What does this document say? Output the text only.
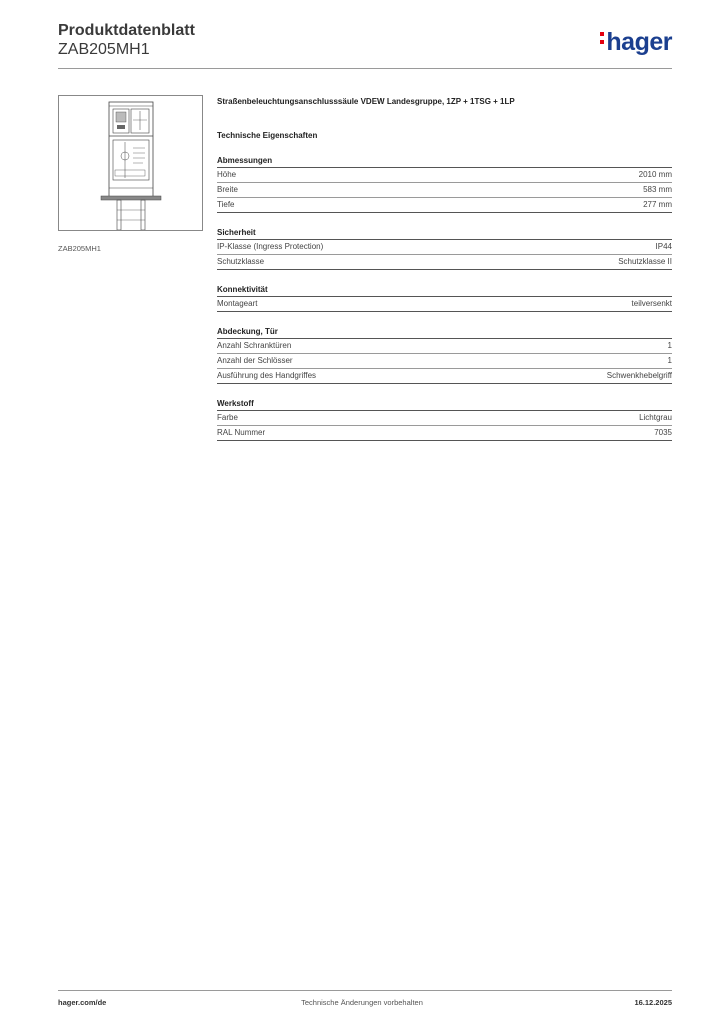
Produktdatenblatt
ZAB205MH1	hager
ZAB205MH1
Straßenbeleuchtungsanschlusssäule VDEW Landesgruppe, 1ZP + 1TSG + 1LP
Technische Eigenschaften
Abmessungen
Höhe	2010 mm
Breite	583 mm
Tiefe	277 mm
Sicherheit
IP-Klasse (Ingress Protection)	IP44
Schutzklasse	Schutzklasse II
Konnektivität
Montageart	teilversenkt
Abdeckung, Tür
Anzahl Schranktüren	1
Anzahl der Schlösser	1
Ausführung des Handgriffes	Schwenkhebelgriff
Werkstoff
Farbe	Lichtgrau
RAL Nummer	7035
hager.com/de	Technische Änderungen vorbehalten	16.12.2025
